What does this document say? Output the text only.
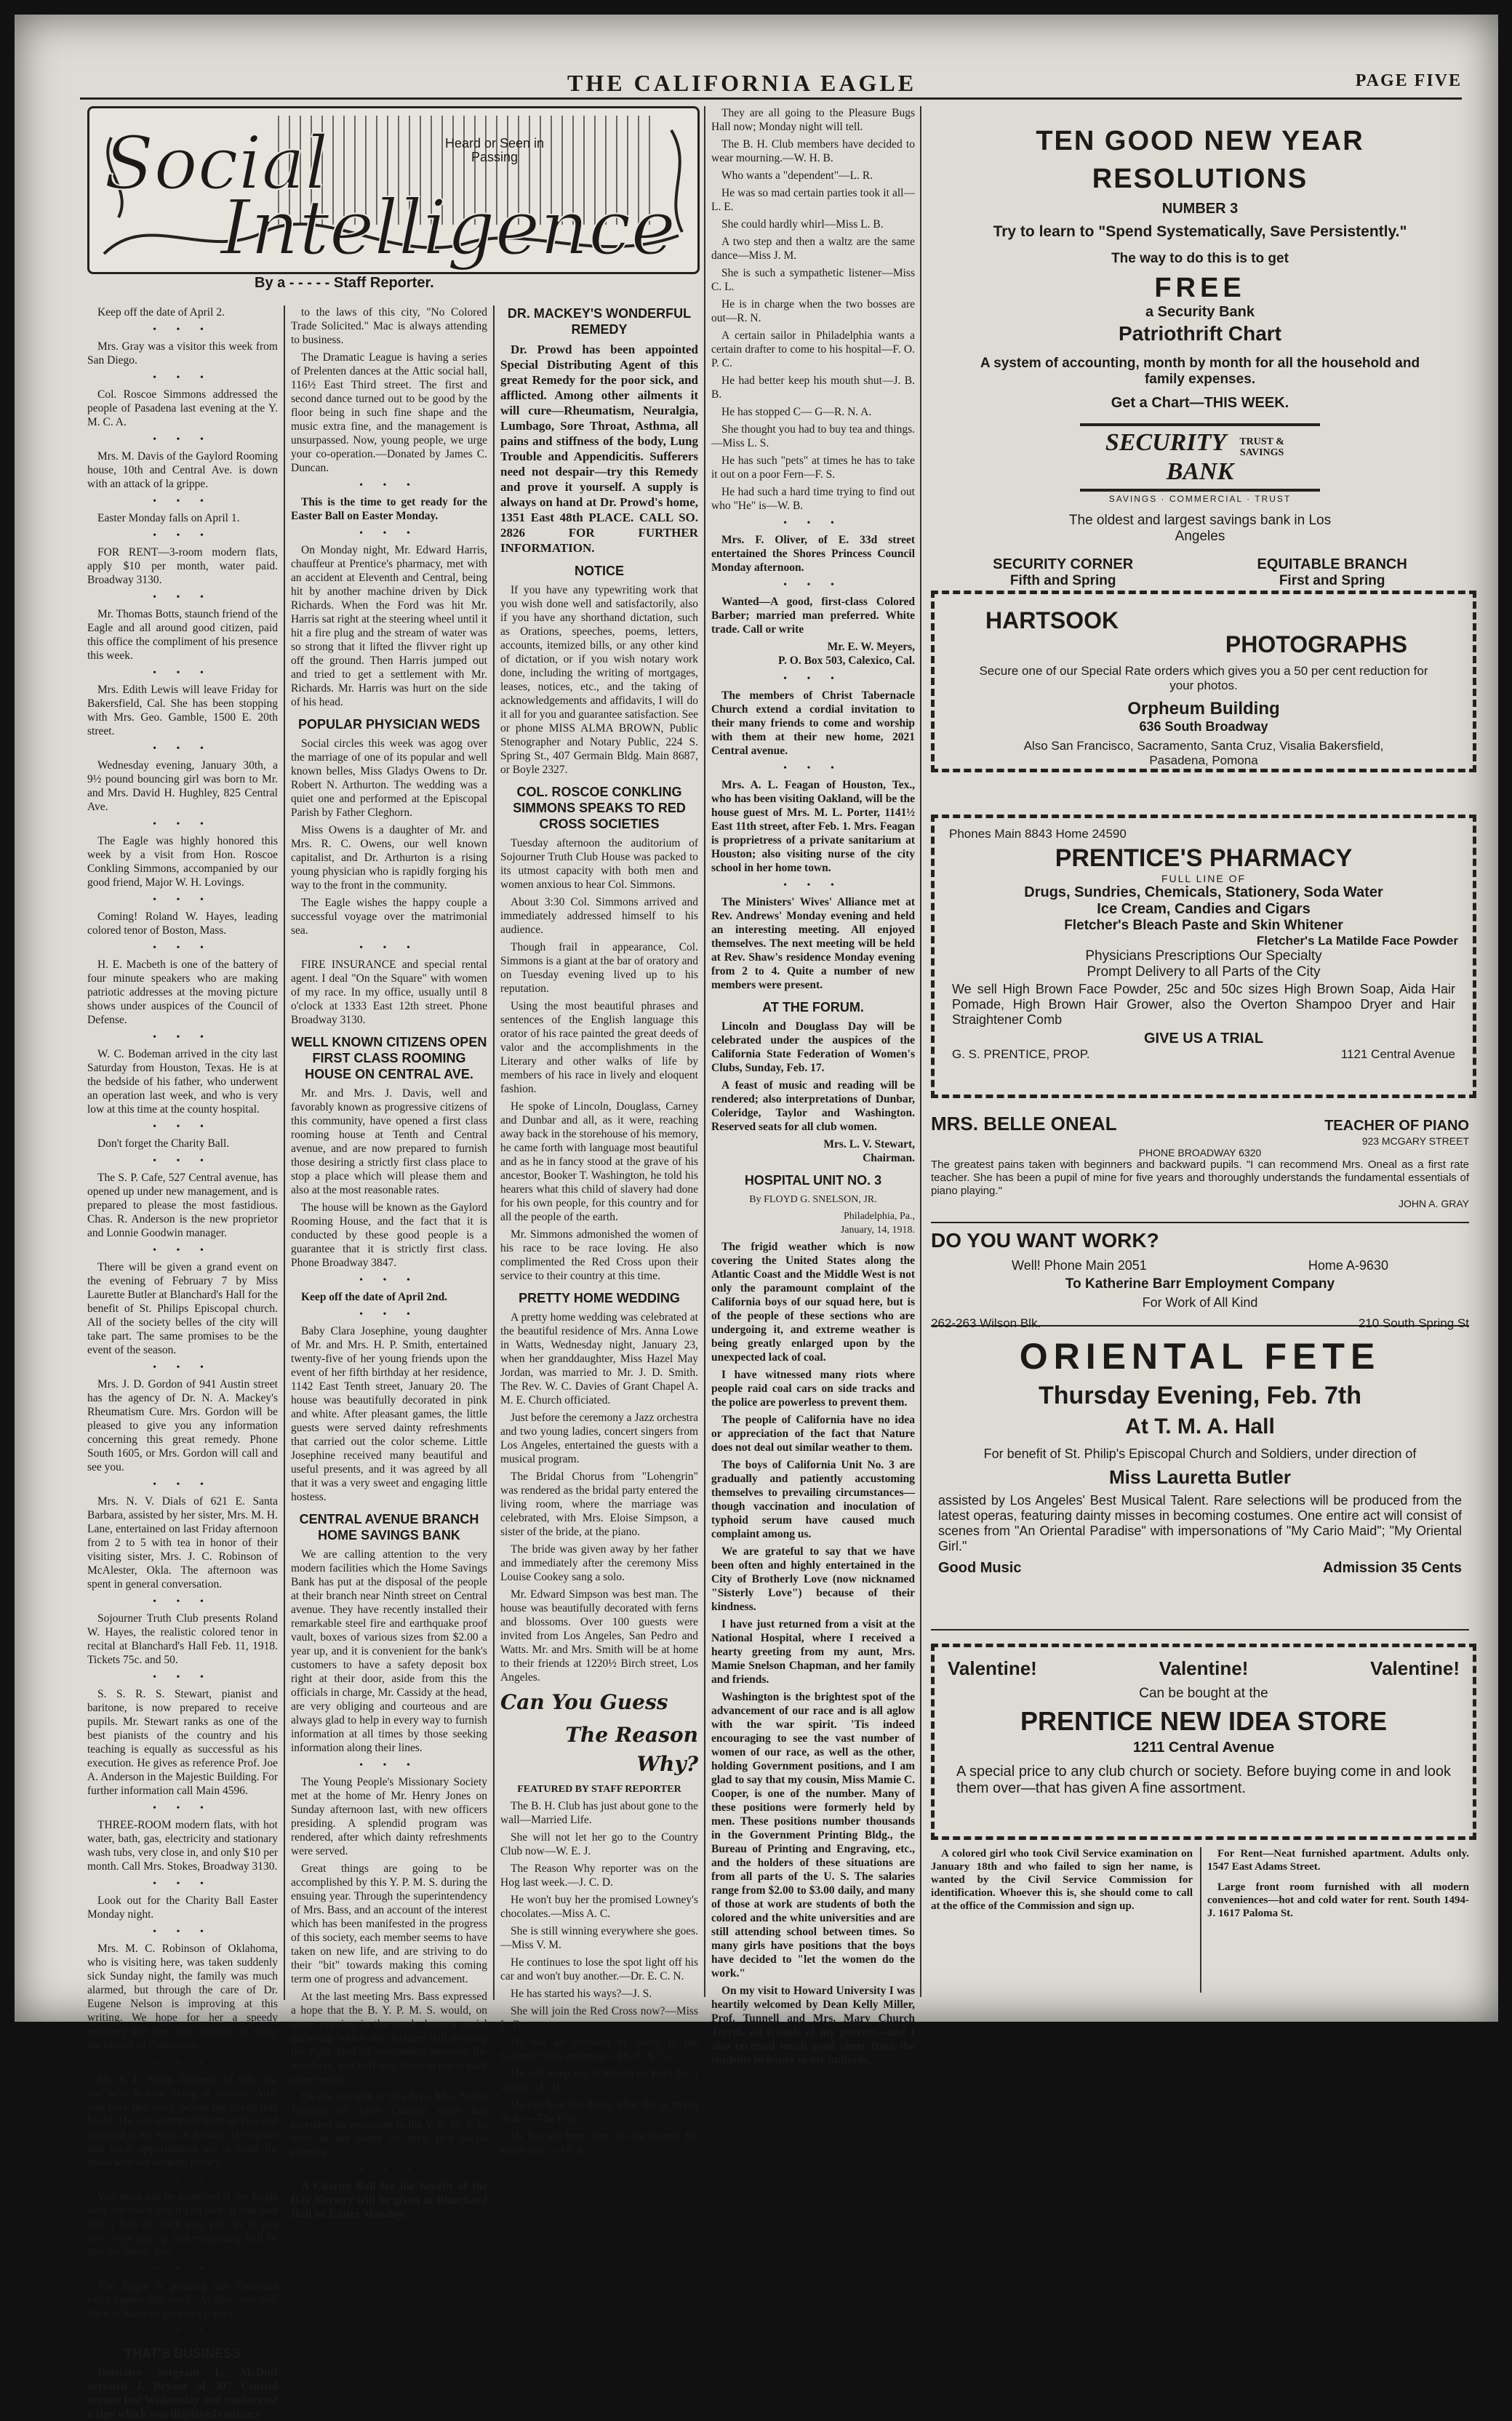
THE CALIFORNIA EAGLE	PAGE FIVE
Social
Intelligence
Heard or Seen in Passing
By a - - - - - Staff Reporter.

Keep off the date of April 2.

• • •

Mrs. Gray was a visitor this week from San Diego.

• • •

Col. Roscoe Simmons addressed the people of Pasadena last evening at the Y. M. C. A.

• • •

Mrs. M. Davis of the Gaylord Rooming house, 10th and Central Ave. is down with an attack of la grippe.

• • •

Easter Monday falls on April 1.

• • •

FOR RENT—3-room modern flats, apply $10 per month, water paid. Broadway 3130.

• • •

Mr. Thomas Botts, staunch friend of the Eagle and all around good citizen, paid this office the compliment of his presence this week.

• • •

Mrs. Edith Lewis will leave Friday for Bakersfield, Cal. She has been stopping with Mrs. Geo. Gamble, 1500 E. 20th street.

• • •

Wednesday evening, January 30th, a 9½ pound bouncing girl was born to Mr. and Mrs. David H. Hughley, 825 Central Ave.

• • •

The Eagle was highly honored this week by a visit from Hon. Roscoe Conkling Simmons, accompanied by our good friend, Major W. H. Lovings.

• • •

Coming! Roland W. Hayes, leading colored tenor of Boston, Mass.

• • •

H. E. Macbeth is one of the battery of four minute speakers who are making patriotic addresses at the moving picture shows under auspices of the Council of Defense.

• • •

W. C. Bodeman arrived in the city last Saturday from Houston, Texas. He is at the bedside of his father, who underwent an operation last week, and who is very low at this time at the county hospital.

• • •

Don't forget the Charity Ball.

• • •

The S. P. Cafe, 527 Central avenue, has opened up under new management, and is prepared to please the most fastidious. Chas. R. Anderson is the new proprietor and Lonnie Goodwin manager.

• • •

There will be given a grand event on the evening of February 7 by Miss Laurette Butler at Blanchard's Hall for the benefit of St. Philips Episcopal church. All of the society belles of the city will take part. The same promises to be the event of the season.

• • •

Mrs. J. D. Gordon of 941 Austin street has the agency of Dr. N. A. Mackey's Rheumatism Cure. Mrs. Gordon will be pleased to give you any information concerning this great remedy. Phone South 1605, or Mrs. Gordon will call and see you.

• • •

Mrs. N. V. Dials of 621 E. Santa Barbara, assisted by her sister, Mrs. M. H. Lane, entertained on last Friday afternoon from 2 to 5 with tea in honor of their visiting sister, Mrs. J. C. Robinson of McAlester, Okla. The afternoon was spent in general conversation.

• • •

Sojourner Truth Club presents Roland W. Hayes, the realistic colored tenor in recital at Blanchard's Hall Feb. 11, 1918. Tickets 75c. and 50.

• • •

S. S. R. S. Stewart, pianist and baritone, is now prepared to receive pupils. Mr. Stewart ranks as one of the best pianists of the country and his teaching is equally as successful as his execution. He gives as reference Prof. Joe A. Anderson in the Majestic Building. For further information call Main 4596.

• • •

THREE-ROOM modern flats, with hot water, bath, gas, electricity and stationary wash tubs, very close in, and only $10 per month. Call Mrs. Stokes, Broadway 3130.

• • •

Look out for the Charity Ball Easter Monday night.

• • •

Mrs. M. C. Robinson of Oklahoma, who is visiting here, was taken suddenly sick Sunday night, the family was much alarmed, but through the care of Dr. Eugene Nelson is improving at this writing. We hope for her a speedy recovery that she may continue to enjoy the beauty of California.

• • •

Mr. A. L. Kelly, formerly of this city, and who is now living at Jerome, Ariz. was here this week before the exemption board. He was exempted from service and returned to his work at Jerome. He reports that great opportunities are at hand for those who are seeking money.

• • •

You must not be surprised if the Eagle does not reach you if you owe. If you owe and it fails to reach you, pay up. If you owe, why pay up and everything will be just the better. See.

• • •

The Eagle is printing one thousand extra copies this week. At that, you will have to hurry to get extra copies.

• • •
THAT'S BUSINESS

Detective Sergeant L. McDuff arrested J. Bryant of 307 Central avenue last Wednesday and confiscated a sign which was displayed contrary

to the laws of this city, "No Colored Trade Solicited." Mac is always attending to business.

The Dramatic League is having a series of Prelenten dances at the Attic social hall, 116½ East Third street. The first and second dance turned out to be good by the floor being in such fine shape and the music extra fine, and the management is unsurpassed. Now, young people, we urge your co-operation.—Donated by James C. Duncan.

• • •

This is the time to get ready for the Easter Ball on Easter Monday.

• • •

On Monday night, Mr. Edward Harris, chauffeur at Prentice's pharmacy, met with an accident at Eleventh and Central, being hit by another machine driven by Dick Richards. When the Ford was hit Mr. Harris sat right at the steering wheel until it hit a fire plug and the stream of water was so strong that it lifted the flivver right up off the ground. Then Harris jumped out and tried to get a settlement with Mr. Richards. Mr. Harris was hurt on the side of his head.

POPULAR PHYSICIAN WEDS

Social circles this week was agog over the marriage of one of its popular and well known belles, Miss Gladys Owens to Dr. Robert N. Arthurton. The wedding was a quiet one and performed at the Episcopal Parish by Father Cleghorn.

Miss Owens is a daughter of Mr. and Mrs. R. C. Owens, our well known capitalist, and Dr. Arthurton is a rising young physician who is rapidly forging his way to the front in the community.

The Eagle wishes the happy couple a successful voyage over the matrimonial sea.

• • •

FIRE INSURANCE and special rental agent. I deal "On the Square" with women of my race. In my office, usually until 8 o'clock at 1333 East 12th street. Phone Broadway 3130.

WELL KNOWN CITIZENS OPEN FIRST CLASS ROOMING HOUSE ON CENTRAL AVE.

Mr. and Mrs. J. Davis, well and favorably known as progressive citizens of this community, have opened a first class rooming house at Tenth and Central avenue, and are now prepared to furnish those desiring a strictly first class place to stop a place which will please them and also at the most reasonable rates.

The house will be known as the Gaylord Rooming House, and the fact that it is conducted by these good people is a guarantee that it is strictly first class. Phone Broadway 3847.

• • •

Keep off the date of April 2nd.

• • •

Baby Clara Josephine, young daughter of Mr. and Mrs. H. P. Smith, entertained twenty-five of her young friends upon the event of her fifth birthday at her residence, 1142 East Tenth street, January 20. The house was beautifully decorated in pink and white. After pleasant games, the little guests were served dainty refreshments that carried out the color scheme. Little Josephine received many beautiful and useful presents, and it was agreed by all that it was a very sweet and engaging little hostess.

CENTRAL AVENUE BRANCH HOME SAVINGS BANK

We are calling attention to the very modern facilities which the Home Savings Bank has put at the disposal of the people at their branch near Ninth street on Central avenue. They have recently installed their remarkable steel fire and earthquake proof vault, boxes of various sizes from $2.00 a year up, and it is convenient for the bank's customers to have a safety deposit box right at their door, aside from this the officials in charge, Mr. Cassidy at the head, are very obliging and courteous and are always glad to help in every way to furnish information at all times by those seeking information along their lines.

• • •

The Young People's Missionary Society met at the home of Mr. Henry Jones on Sunday afternoon last, with new officers presiding. A splendid program was rendered, after which dainty refreshments were served.

Great things are going to be accomplished by this Y. P. M. S. during the ensuing year. Through the superintendency of Mrs. Bass, and an account of the interest which has been manifested in the progress of this society, each member seems to have taken on new life, and are striving to do their "bit" towards making this coming term one of progress and advancement.

At the last meeting Mrs. Bass expressed a hope that the B. Y. P. M. S. would, on some evening in the week, have a social gathering which she declares will develop the right kind of association between the members, and will help them to know each other better.

On the strength of this hope Mrs. Nettie Johnson of 1109 Clanton street has extended an invitation to the Y. P. M. S. to meet at her home on their first social evening.

• • •

A Charity Ball for the benefit of the Day Nursery will be given at Blanchard Hall on Easter Monday.

DR. MACKEY'S WONDERFUL REMEDY

Dr. Prowd has been appointed Special Distributing Agent of this great Remedy for the poor sick, and afflicted. Among other ailments it will cure—Rheumatism, Neuralgia, Lumbago, Sore Throat, Asthma, all pains and stiffness of the body, Lung Trouble and Appendicitis. Sufferers need not despair—try this Remedy and prove it yourself. A supply is always on hand at Dr. Prowd's home, 1351 East 48th PLACE. CALL SO. 2826 FOR FURTHER INFORMATION.

NOTICE

If you have any typewriting work that you wish done well and satisfactorily, also if you have any shorthand dictation, such as Orations, speeches, poems, letters, accounts, itemized bills, or any other kind of dictation, or if you wish notary work done, including the writing of mortgages, leases, notices, etc., and the taking of acknowledgements and affidavits, I will do it all for you and guarantee satisfaction. See or phone MISS ALMA BROWN, Public Stenographer and Notary Public, 224 S. Spring St., 407 Germain Bldg. Main 8687, or Boyle 2327.

COL. ROSCOE CONKLING SIMMONS SPEAKS TO RED CROSS SOCIETIES

Tuesday afternoon the auditorium of Sojourner Truth Club House was packed to its utmost capacity with both men and women anxious to hear Col. Simmons.

About 3:30 Col. Simmons arrived and immediately addressed himself to his audience.

Though frail in appearance, Col. Simmons is a giant at the bar of oratory and on Tuesday evening lived up to his reputation.

Using the most beautiful phrases and sentences of the English language this orator of his race painted the great deeds of valor and the accomplishments in the Literary and other walks of life by members of his race in lively and eloquent fashion.

He spoke of Lincoln, Douglass, Carney and Dunbar and all, as it were, reaching away back in the storehouse of his memory, he came forth with language most beautiful and as he in fancy stood at the grave of his ancestor, Booker T. Washington, he told his hearers what this child of slavery had done for his own people, for this country and for all the people of the earth.

Mr. Simmons admonished the women of his race to be race loving. He also complimented the Red Cross upon their service to their country at this time.

PRETTY HOME WEDDING

A pretty home wedding was celebrated at the beautiful residence of Mrs. Anna Lowe in Watts, Wednesday night, January 23, when her granddaughter, Miss Hazel May Jordan, was married to Mr. J. D. Smith. The Rev. W. C. Davies of Grant Chapel A. M. E. Church officiated.

Just before the ceremony a Jazz orchestra and two young ladies, concert singers from Los Angeles, entertained the guests with a musical program.

The Bridal Chorus from "Lohengrin" was rendered as the bridal party entered the living room, where the marriage was celebrated, with Mrs. Eloise Simpson, a sister of the bride, at the piano.

The bride was given away by her father and immediately after the ceremony Miss Louise Cookey sang a solo.

Mr. Edward Simpson was best man. The house was beautifully decorated with ferns and blossoms. Over 100 guests were invited from Los Angeles, San Pedro and Watts. Mr. and Mrs. Smith will be at home to their friends at 1220½ Birch street, Los Angeles.

Can You Guess

The Reason Why?

FEATURED BY STAFF REPORTER

The B. H. Club has just about gone to the wall—Married Life.

She will not let her go to the Country Club now—W. E. J.

The Reason Why reporter was on the Hog last week.—J. C. D.

He won't buy her the promised Lowney's chocolates.—Miss A. C.

She is still winning everywhere she goes.—Miss V. M.

He continues to lose the spot light off his car and won't buy another.—Dr. E. C. N.

He has started his ways?—J. S.

She will join the Red Cross now?—Miss L. B.

He has an aversion of going to the Country Club anymore.—Dr. F. A. G.

He will keep out of Prentice's Ford for a while.—E. H.

He can beat her doing what she is trying to do.—The Flirt.

He has not been seen on the avenue for some time.—W. K.

They are all going to the Pleasure Bugs Hall now; Monday night will tell.

The B. H. Club members have decided to wear mourning.—W. H. B.

Who wants a "dependent"—L. R.

He was so mad certain parties took it all—L. E.

She could hardly whirl—Miss L. B.

A two step and then a waltz are the same dance—Miss J. M.

She is such a sympathetic listener—Miss C. L.

He is in charge when the two bosses are out—R. N.

A certain sailor in Philadelphia wants a certain drafter to come to his hospital—F. O. P. C.

He had better keep his mouth shut—J. B. B.

He has stopped C— G—R. N. A.

She thought you had to buy tea and things.—Miss L. S.

He has such "pets" at times he has to take it out on a poor Fern—F. S.

He had such a hard time trying to find out who "He" is—W. B.

• • •

Mrs. F. Oliver, of E. 33d street entertained the Shores Princess Council Monday afternoon.

• • •

Wanted—A good, first-class Colored Barber; married man preferred. White trade. Call or write

Mr. E. W. Meyers,
P. O. Box 503, Calexico, Cal.
• • •

The members of Christ Tabernacle Church extend a cordial invitation to their many friends to come and worship with them at their new home, 2021 Central avenue.

• • •

Mrs. A. L. Feagan of Houston, Tex., who has been visiting Oakland, will be the house guest of Mrs. M. L. Porter, 1141½ East 11th street, after Feb. 1. Mrs. Feagan is proprietress of a private sanitarium at Houston; also visiting nurse of the city school in her home town.

• • •

The Ministers' Wives' Alliance met at Rev. Andrews' Monday evening and held an interesting meeting. All enjoyed themselves. The next meeting will be held at Rev. Shaw's residence Monday evening from 2 to 4. Quite a number of new members were present.

AT THE FORUM.

Lincoln and Douglass Day will be celebrated under the auspices of the California State Federation of Women's Clubs, Sunday, Feb. 17.

A feast of music and reading will be rendered; also interpretations of Dunbar, Coleridge, Taylor and Washington. Reserved seats for all club women.

Mrs. L. V. Stewart,
Chairman.
HOSPITAL UNIT NO. 3
By FLOYD G. SNELSON, JR.
Philadelphia, Pa.,
January, 14, 1918.

The frigid weather which is now covering the United States along the Atlantic Coast and the Middle West is not only the paramount complaint of the California boys of our squad here, but is of the people of these sections who are undergoing it, and extreme weather is being greatly enlarged upon by the unexpected lack of coal.

I have witnessed many riots where people raid coal cars on side tracks and the police are powerless to prevent them.

The people of California have no idea or appreciation of the fact that Nature does not deal out similar weather to them.

The boys of California Unit No. 3 are gradually and patiently accustoming themselves to prevailing circumstances—though vaccination and inoculation of typhoid serum have caused much complaint among us.

We are grateful to say that we have been often and highly entertained in the City of Brotherly Love (now nicknamed "Sisterly Love") because of their kindness.

I have just returned from a visit at the National Hospital, where I received a hearty greeting from my aunt, Mrs. Mamie Snelson Chapman, and her family and friends.

Washington is the brightest spot of the advancement of our race and is all aglow with the war spirit. 'Tis indeed encouraging to see the vast number of women of our race, as well as the other, holding Government positions, and I am glad to say that my cousin, Miss Mamie C. Cooper, is one of the number. Many of these positions were formerly held by men. These positions number thousands in the Government Printing Bldg., the Bureau of Printing and Engraving, etc., and the holders of these situations are from all parts of the U. S. The salaries range from $2.00 to $3.00 daily, and many of those at work are students of both the colored and the white universities and are still attending school between times. So many girls have positions that the boys have decided to "let the women do the work."

On my visit to Howard University I was heartily welcomed by Dean Kelly Miller, Prof. Tunnell and Mrs. Mary Church Terrill, all friends of my parents—and I also received much good cheer from the students in honor to my uniform.

TEN GOOD NEW YEAR RESOLUTIONS
NUMBER 3
Try to learn to "Spend Systematically, Save Persistently."
The way to do this is to get
FREE
a Security Bank
Patriothrift Chart
A system of accounting, month by month for all the household and family expenses.
Get a Chart—THIS WEEK.
SECURITY TRUST & SAVINGS BANK
SAVINGS · COMMERCIAL · TRUST
The oldest and largest savings bank in Los Angeles
SECURITY CORNER
Fifth and Spring
EQUITABLE BRANCH
First and Spring
HARTSOOK
PHOTOGRAPHS
Secure one of our Special Rate orders which gives you a 50 per cent reduction for your photos.
Orpheum Building
636 South Broadway
Also San Francisco, Sacramento, Santa Cruz, Visalia Bakersfield, Pasadena, Pomona
Phones Main 8843 Home 24590
PRENTICE'S PHARMACY
FULL LINE OF
Drugs, Sundries, Chemicals, Stationery, Soda Water
Ice Cream, Candies and Cigars
Fletcher's Bleach Paste and Skin Whitener
Fletcher's La Matilde Face Powder
Physicians Prescriptions Our Specialty
Prompt Delivery to all Parts of the City
We sell High Brown Face Powder, 25c and 50c sizes High Brown Soap, Aida Hair Pomade, High Brown Hair Grower, also the Overton Shampoo Dryer and Hair Straightener Comb
GIVE US A TRIAL
G. S. PRENTICE, PROP.	1121 Central Avenue
MRS. BELLE ONEAL	TEACHER OF PIANO
923 MCGARY STREET
PHONE BROADWAY 6320
The greatest pains taken with beginners and backward pupils. "I can recommend Mrs. Oneal as a first rate teacher. She has been a pupil of mine for five years and thoroughly understands the fundamental essentials of piano playing."
JOHN A. GRAY
DO YOU WANT WORK?
Well! Phone Main 2051	Home A-9630
To Katherine Barr Employment Company
For Work of All Kind
262-263 Wilson Blk.	210 South Spring St
ORIENTAL FETE
Thursday Evening, Feb. 7th
At T. M. A. Hall
For benefit of St. Philip's Episcopal Church and Soldiers, under direction of
Miss Lauretta Butler
assisted by Los Angeles' Best Musical Talent. Rare selections will be produced from the latest operas, featuring dainty misses in becoming costumes. One entire act will consist of scenes from "An Oriental Paradise" with impersonations of "My Cario Maid"; "My Oriental Girl."
Good Music	Admission 35 Cents
Valentine!	Valentine!	Valentine!
Can be bought at the
PRENTICE NEW IDEA STORE
1211 Central Avenue
A special price to any club church or society. Before buying come in and look them over—that has given A fine assortment.

A colored girl who took Civil Service examination on January 18th and who failed to sign her name, is wanted by the Civil Service Commission for identification. Whoever this is, she should come to call at the office of the Commission and sign up.

For Rent—Neat furnished apartment. Adults only. 1547 East Adams Street.

Large front room furnished with all modern conveniences—hot and cold water for rent. South 1494-J. 1617 Paloma St.
